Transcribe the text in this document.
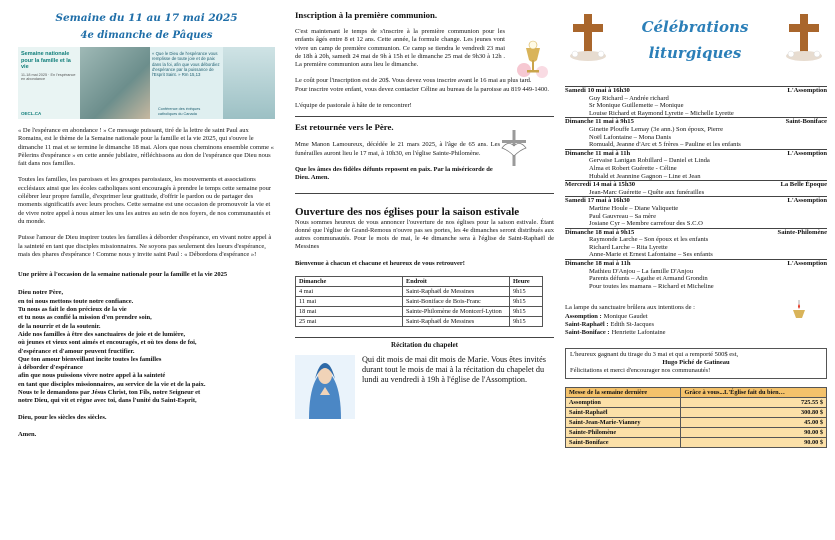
Semaine du 11 au 17 mai 2025
4e dimanche de Pâques
Semaine nationale pour la famille et la vie
11-18 mai 2025 · En l'espérance en abondance
OECL.CA
« Que le Dieu de l'espérance vous remplisse de toute joie et de paix dans la foi, afin que vous débordiez d'espérance par la puissance de l'Esprit Saint. » Rm 15,13
Conférence des évêques catholiques du Canada

« De l'espérance en abondance ! » Ce message puissant, tiré de la lettre de saint Paul aux Romains, est le thème de la Semaine nationale pour la famille et la vie 2025, qui s'ouvre le dimanche 11 mai et se termine le dimanche 18 mai. Alors que nous cheminons ensemble comme « Pèlerins d'espérance » en cette année jubilaire, réfléchissons au don de l'espérance que Dieu nous fait dans nos familles.

Toutes les familles, les paroisses et les groupes paroissiaux, les mouvements et associations ecclésiaux ainsi que les écoles catholiques sont encouragés à prendre le temps cette semaine pour célébrer leur propre famille, d'exprimer leur gratitude, d'offrir le pardon ou de partager des moments significatifs avec leurs proches. Cette semaine est une occasion de promouvoir la vie et de vivre notre appel à nous aimer les uns les autres au sein de nos foyers, de nos communautés et du monde.

Puisse l'amour de Dieu inspirer toutes les familles à déborder d'espérance, en vivant notre appel à la sainteté en tant que disciples missionnaires. Ne soyons pas seulement des lueurs d'espérance, mais des phares d'espérance ! Comme nous y invite saint Paul : « Débordons d'espérance »!

Une prière à l'occasion de la semaine nationale pour la famille et la vie 2025

Dieu notre Père,
en toi nous mettons toute notre confiance.
Tu nous as fait le don précieux de la vie
et tu nous as confié la mission d'en prendre soin,
de la nourrir et de la soutenir.
Aide nos familles à être des sanctuaires de joie et de lumière,
où jeunes et vieux sont aimés et encouragés, et où tes dons de foi,
d'espérance et d'amour peuvent fructifier.
Que ton amour bienveillant incite toutes les familles
à déborder d'espérance
afin que nous puissions vivre notre appel à la sainteté
en tant que disciples missionnaires, au service de la vie et de la paix.
Nous te le demandons par Jésus Christ, ton Fils, notre Seigneur et
notre Dieu, qui vit et règne avec toi, dans l'unité du Saint-Esprit,
Dieu, pour les siècles des siècles.
Amen.

Inscription à la première communion.

C'est maintenant le temps de s'inscrire à la première communion pour les enfants âgés entre 8 et 12 ans. Cette année, la formule change. Les jeunes vont vivre un camp de première communion. Ce camp se tiendra le vendredi 23 mai de 18h à 20h, samedi 24 mai de 9h à 15h et le dimanche 25 mai de 9h30 à 12h . La première communion aura lieu le dimanche.

Le coût pour l'inscription est de 20$. Vous devez vous inscrire avant le 16 mai au plus tard.

Pour inscrire votre enfant, vous devez contacter Céline au bureau de la paroisse au 819 449-1400.

L'équipe de pastorale à hâte de te rencontrer!

Est retournée vers le Père.

Mme Manon Lamoureux, décédée le 21 mars 2025, à l'âge de 65 ans. Les funérailles auront lieu le 17 mai, à 10h30, en l'église Sainte-Philomène.

Que les âmes des fidèles défunts reposent en paix. Par la miséricorde de Dieu. Amen.

Ouverture des nos églises pour la saison estivale

Nous sommes heureux de vous annoncer l'ouverture de nos églises pour la saison estivale. Étant donné que l'église de Grand-Remous n'ouvre pas ses portes, les 4e dimanches seront distribués aux autres communautés. Pour le mois de mai, le 4e dimanche sera à l'église de Saint-Raphaël de Messines

Bienvenue à chacun et chacune et heureux de vous retrouver!

Dimanche	Endroit	Heure
4 mai	Saint-Raphaël de Messines	9h15
11 mai	Saint-Boniface de Bois-Franc	9h15
18 mai	Sainte-Philomène de Montcerf-Lytton	9h15
25 mai	Saint-Raphaël de Messines	9h15

Récitation du chapelet

Qui dit mois de mai dit mois de Marie. Vous êtes invités durant tout le mois de mai à la récitation du chapelet du lundi au vendredi à 19h à l'église de l'Assomption.

Célébrations
liturgiques
Samedi 10 mai à 16h30	L'Assomption
Guy Richard – Andrée richard
Sr Monique Guillemette – Monique
Louise Richard et Raymond Lyrette – Michelle Lyrette
Dimanche 11 mai à 9h15	Saint-Boniface
Ginette Plouffe Lemay (3e ann.) Son époux, Pierre
Noël Lafontaine – Mona Danis
Romuald, Jeanne d'Arc et 5 frères – Pauline et les enfants
Dimanche 11 mai à 11h	L'Assomption
Gervaise Lanigan Robillard – Daniel et Linda
Alma et Robert Guérette - Céline
Hubald et Jeannine Gagnon – Line et Jean
Mercredi 14 mai à 15h30	La Belle Époque
Jean-Marc Guérette – Quête aux funérailles
Samedi 17 mai à 16h30	L'Assomption
Martine Houle – Diane Valiquette
Paul Gauvreau – Sa mère
Josiane Cyr – Membre carrefour des S.C.O
Dimanche 18 mai à 9h15	Sainte-Philomène
Raymonde Larche – Son époux et les enfants
Richard Larche – Rita Lyrette
Anne-Marie et Ernest Lafontaine – Ses enfants
Dimanche 18 mai à 11h	L'Assomption
Mathieu D'Anjou – La famille D'Anjou
Parents défunts – Agathe et Armand Grondin
Pour toutes les mamans – Richard et Micheline

La lampe du sanctuaire brûlera aux intentions de :

Assomption : Monique Gaudet
Saint-Raphaël : Edith St-Jacques
Saint-Boniface : Henriette Lafontaine
L'heureux gagnant du tirage du 3 mai et qui a remporté 500$ est,
Hugo Piché de Gatineau
Félicitations et merci d'encourager nos communautés!
Messe de la semaine dernière	Grâce à vous...L'Église fait du bien…
Assomption	725.55 $
Saint-Raphaël	300.80 $
Saint-Jean-Marie-Vianney	45.00 $
Sainte-Philomène	90.00 $
Saint-Boniface	90.00 $
